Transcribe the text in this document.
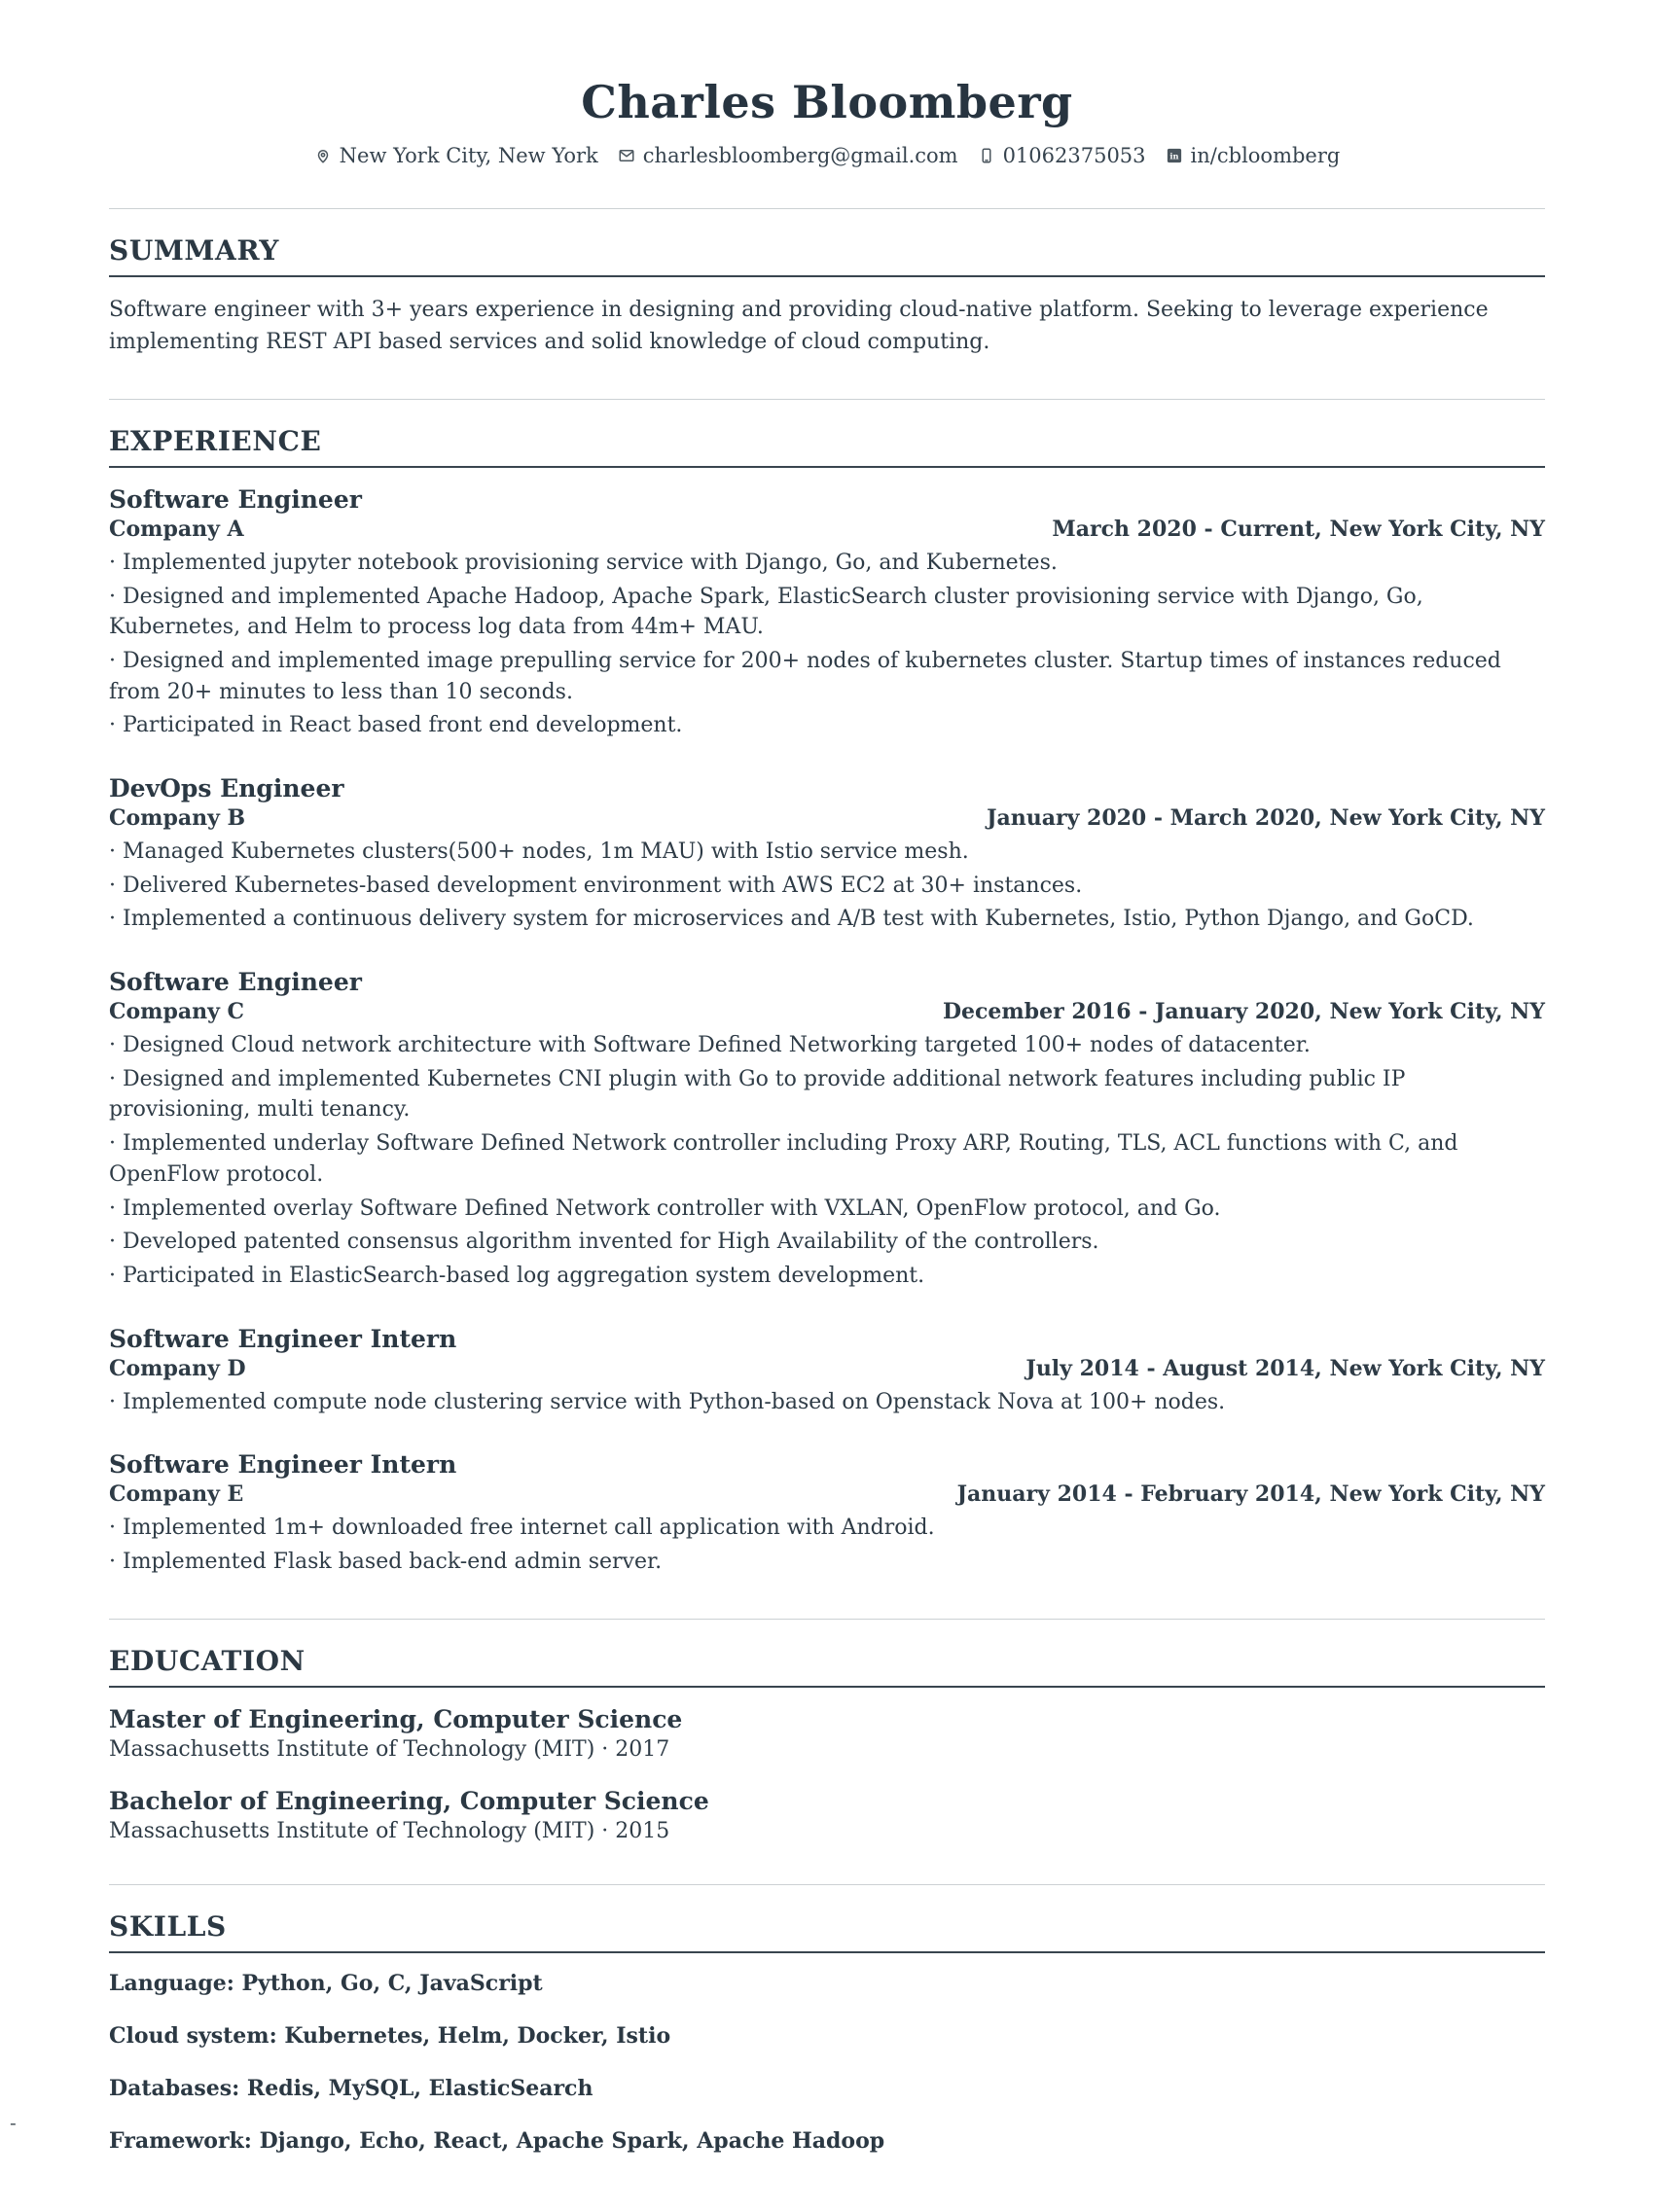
Charles Bloomberg
New York City, New York charlesbloomberg@gmail.com 01062375053 in in/cbloomberg
SUMMARY

Software engineer with 3+ years experience in designing and providing cloud-native platform. Seeking to leverage experience implementing REST API based services and solid knowledge of cloud computing.

EXPERIENCE
Software Engineer
Company A	March 2020 - Current, New York City, NY
· Implemented jupyter notebook provisioning service with Django, Go, and Kubernetes.
· Designed and implemented Apache Hadoop, Apache Spark, ElasticSearch cluster provisioning service with Django, Go, Kubernetes, and Helm to process log data from 44m+ MAU.
· Designed and implemented image prepulling service for 200+ nodes of kubernetes cluster. Startup times of instances reduced from 20+ minutes to less than 10 seconds.
· Participated in React based front end development.
DevOps Engineer
Company B	January 2020 - March 2020, New York City, NY
· Managed Kubernetes clusters(500+ nodes, 1m MAU) with Istio service mesh.
· Delivered Kubernetes-based development environment with AWS EC2 at 30+ instances.
· Implemented a continuous delivery system for microservices and A/B test with Kubernetes, Istio, Python Django, and GoCD.
Software Engineer
Company C	December 2016 - January 2020, New York City, NY
· Designed Cloud network architecture with Software Defined Networking targeted 100+ nodes of datacenter.
· Designed and implemented Kubernetes CNI plugin with Go to provide additional network features including public IP provisioning, multi tenancy.
· Implemented underlay Software Defined Network controller including Proxy ARP, Routing, TLS, ACL functions with C, and OpenFlow protocol.
· Implemented overlay Software Defined Network controller with VXLAN, OpenFlow protocol, and Go.
· Developed patented consensus algorithm invented for High Availability of the controllers.
· Participated in ElasticSearch-based log aggregation system development.
Software Engineer Intern
Company D	July 2014 - August 2014, New York City, NY
· Implemented compute node clustering service with Python-based on Openstack Nova at 100+ nodes.
Software Engineer Intern
Company E	January 2014 - February 2014, New York City, NY
· Implemented 1m+ downloaded free internet call application with Android.
· Implemented Flask based back-end admin server.
EDUCATION
Master of Engineering, Computer Science

Massachusetts Institute of Technology (MIT) · 2017

Bachelor of Engineering, Computer Science

Massachusetts Institute of Technology (MIT) · 2015

SKILLS

Language: Python, Go, C, JavaScript

Cloud system: Kubernetes, Helm, Docker, Istio

Databases: Redis, MySQL, ElasticSearch

Framework: Django, Echo, React, Apache Spark, Apache Hadoop

-
